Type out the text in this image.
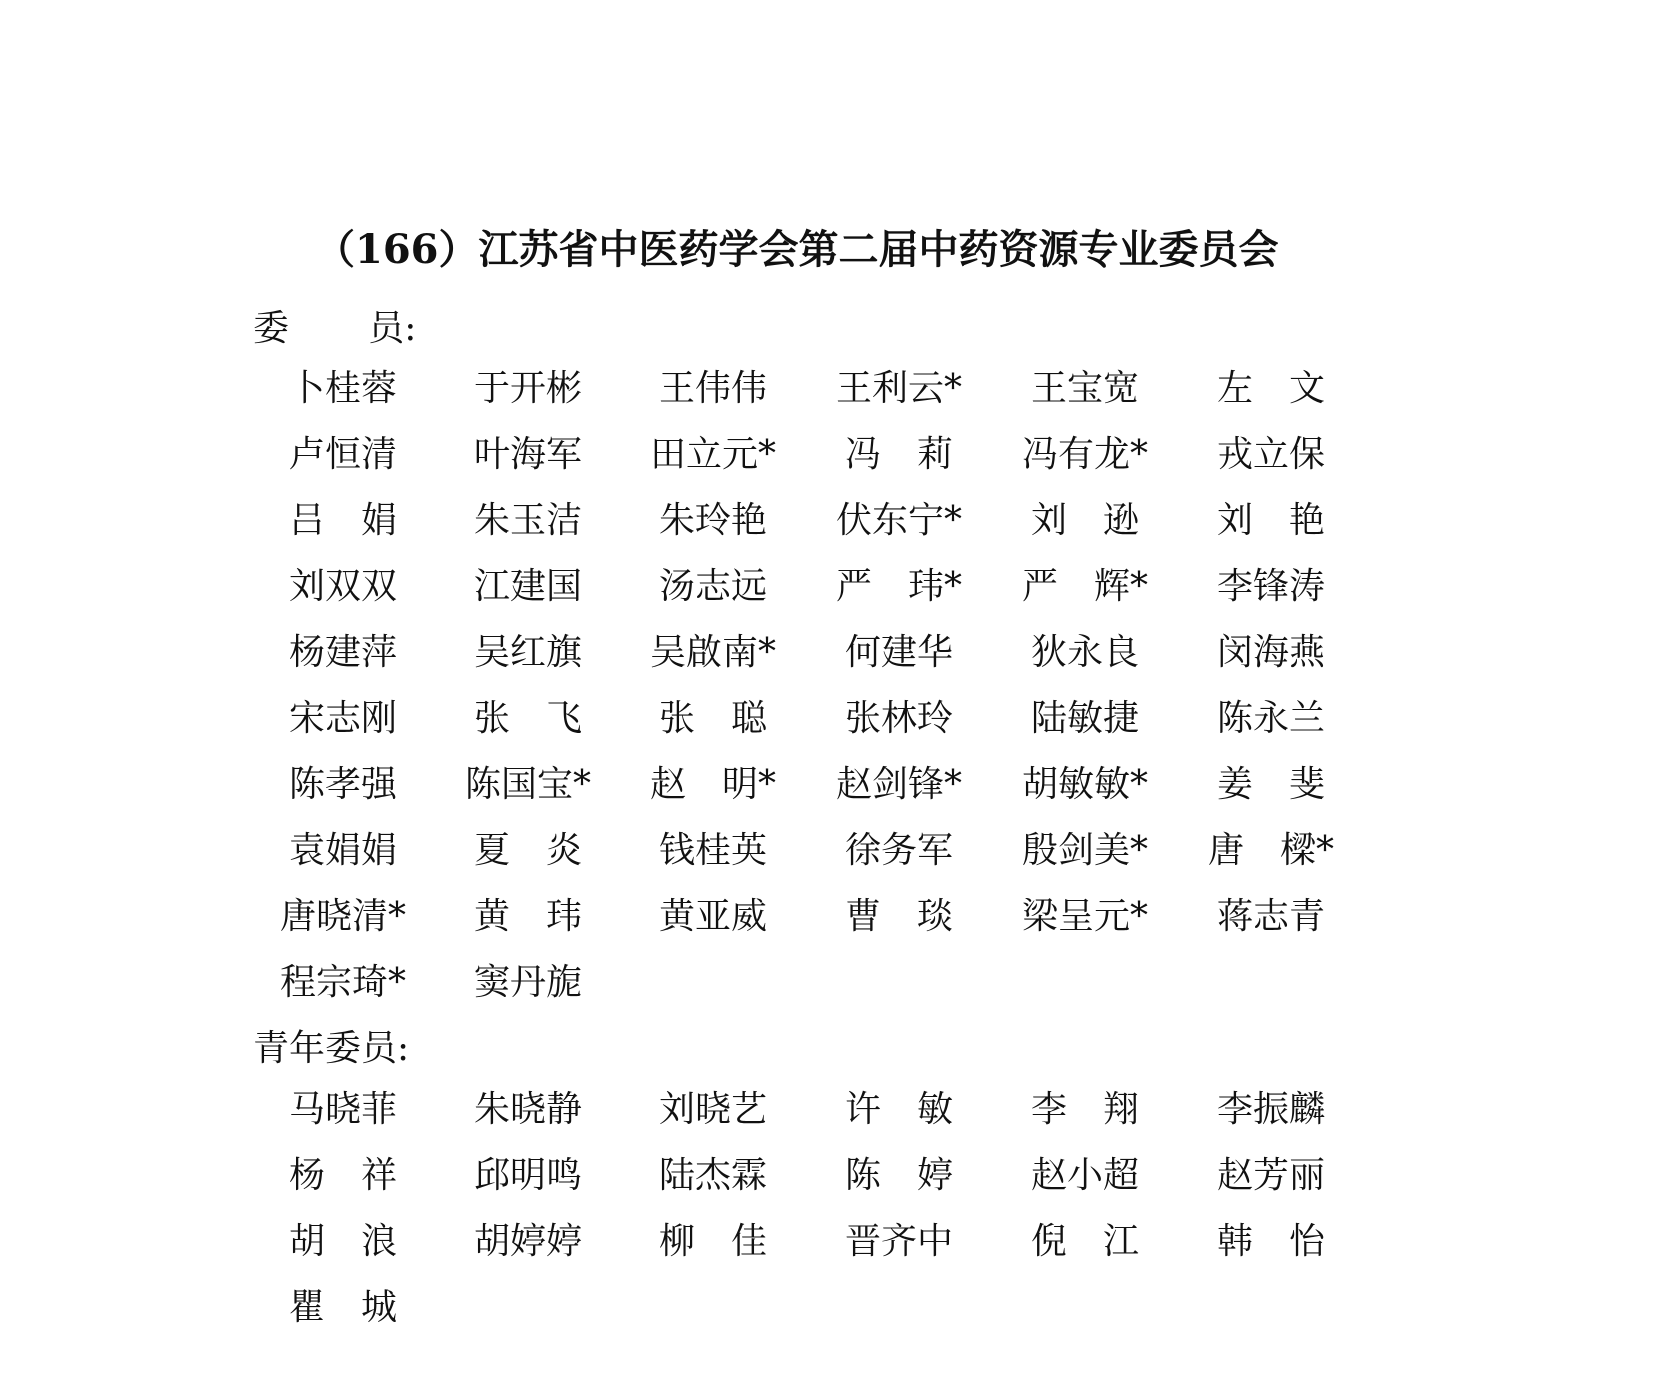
（166）江苏省中医药学会第二届中药资源专业委员会
委员:
卜桂蓉	于开彬	王伟伟	王利云*	王宝宽	左　文
卢恒清	叶海军	田立元*	冯　莉	冯有龙*	戎立保
吕　娟	朱玉洁	朱玲艳	伏东宁*	刘　逊	刘　艳
刘双双	江建国	汤志远	严　玮*	严　辉*	李锋涛
杨建萍	吴红旗	吴啟南*	何建华	狄永良	闵海燕
宋志刚	张　飞	张　聪	张林玲	陆敏捷	陈永兰
陈孝强	陈国宝*	赵　明*	赵剑锋*	胡敏敏*	姜　斐
袁娟娟	夏　炎	钱桂英	徐务军	殷剑美*	唐　樑*
唐晓清*	黄　玮	黄亚威	曹　琰	梁呈元*	蒋志青
程宗琦*	窦丹旎
青年委员:
马晓菲	朱晓静	刘晓艺	许　敏	李　翔	李振麟
杨　祥	邱明鸣	陆杰霖	陈　婷	赵小超	赵芳丽
胡　浪	胡婷婷	柳　佳	晋齐中	倪　江	韩　怡
瞿　城
